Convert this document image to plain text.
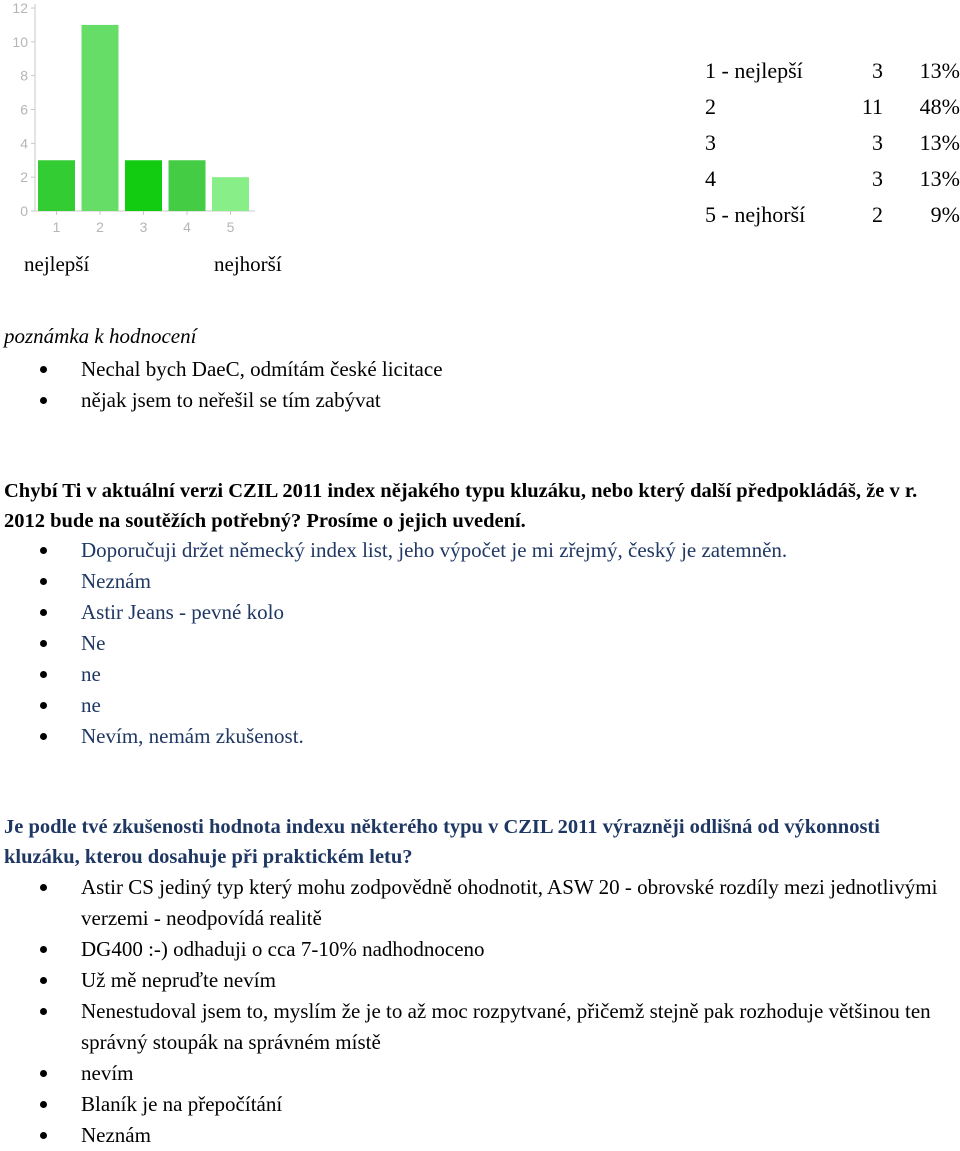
0
2
4
6
8
10
12
1	2	3	4	5
nejlepší	nejhorší
1 - nejlepší	3 13%
2	11 48%
3	3 13%
4	3 13%
5 - nejhorší	2 9%
poznámka k hodnocení
Nechal bych DaeC, odmítám české licitace
nějak jsem to neřešil se tím zabývat

Chybí Ti v aktuální verzi CZIL 2011 index nějakého typu kluzáku, nebo který další předpokládáš, že v r. 2012 bude na soutěžích potřebný? Prosíme o jejich uvedení.

Doporučuji držet německý index list, jeho výpočet je mi zřejmý, český je zatemněn.
Neznám
Astir Jeans - pevné kolo
Ne
ne
ne
Nevím, nemám zkušenost.

Je podle tvé zkušenosti hodnota indexu některého typu v CZIL 2011 výrazněji odlišná od výkonnosti kluzáku, kterou dosahuje při praktickém letu?

Astir CS jediný typ který mohu zodpovědně ohodnotit, ASW 20 - obrovské rozdíly mezi jednotlivými verzemi - neodpovídá realitě
DG400 :-) odhaduji o cca 7-10% nadhodnoceno
Už mě nepruďte nevím
Nenestudoval jsem to, myslím že je to až moc rozpytvané, přičemž stejně pak rozhoduje většinou ten správný stoupák na správném místě
nevím
Blaník je na přepočítání
Neznám
